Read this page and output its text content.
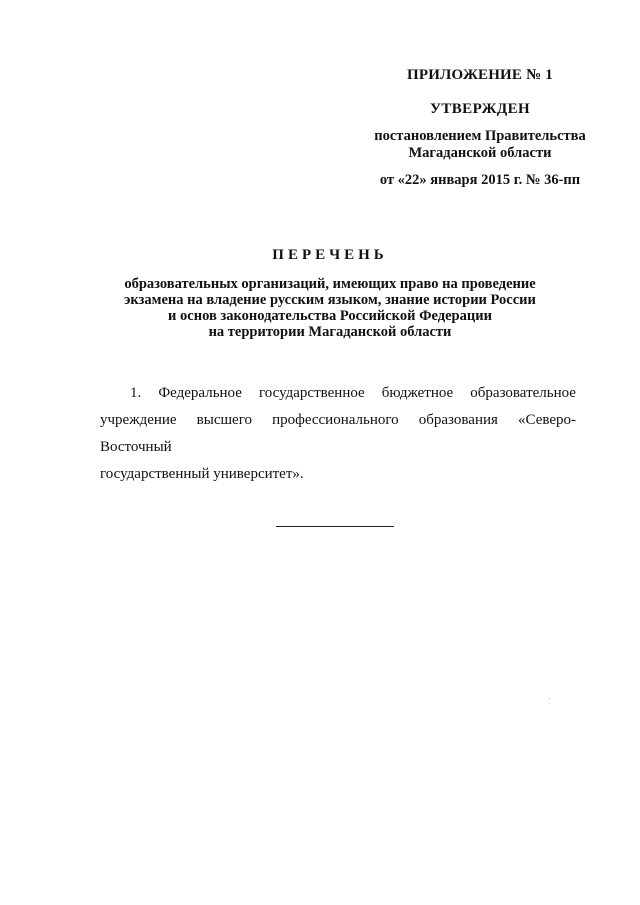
ПРИЛОЖЕНИЕ № 1
УТВЕРЖДЕН
постановлением Правительства
Магаданской области
от «22» января 2015 г. № 36-пп
ПЕРЕЧЕНЬ
образовательных организаций, имеющих право на проведение
экзамена на владение русским языком, знание истории России
и основ законодательства Российской Федерации
на территории Магаданской области
1. Федеральное государственное бюджетное образовательное
учреждение высшего профессионального образования «Северо-Восточный
государственный университет».
